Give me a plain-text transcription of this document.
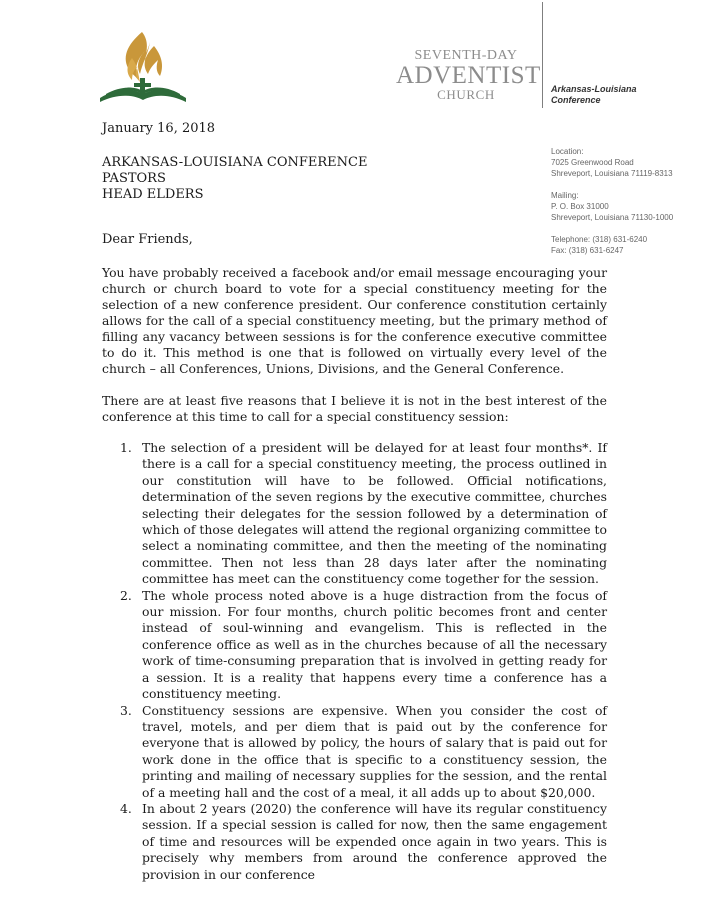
SEVENTH-DAY
ADVENTIST
CHURCH	Arkansas-Louisiana
Conference
Location:
7025 Greenwood Road
Shreveport, Louisiana 71119-8313
Mailing:
P. O. Box 31000
Shreveport, Louisiana 71130-1000
Telephone: (318) 631-6240
Fax: (318) 631-6247
January 16, 2018
ARKANSAS-LOUISIANA CONFERENCE
PASTORS
HEAD ELDERS
Dear Friends,
You have probably received a facebook and/or email message encouraging your church or church board to vote for a special constituency meeting for the selection of a new conference president. Our conference constitution certainly allows for the call of a special constituency meeting, but the primary method of filling any vacancy between sessions is for the conference executive committee to do it. This method is one that is followed on virtually every level of the church – all Conferences, Unions, Divisions, and the General Conference.
There are at least five reasons that I believe it is not in the best interest of the conference at this time to call for a special constituency session:
1. The selection of a president will be delayed for at least four months*. If there is a call for a special constituency meeting, the process outlined in our constitution will have to be followed. Official notifications, determination of the seven regions by the executive committee, churches selecting their delegates for the session followed by a determination of which of those delegates will attend the regional organizing committee to select a nominating committee, and then the meeting of the nominating committee. Then not less than 28 days later after the nominating committee has meet can the constituency come together for the session.
2. The whole process noted above is a huge distraction from the focus of our mission. For four months, church politic becomes front and center instead of soul-winning and evangelism. This is reflected in the conference office as well as in the churches because of all the necessary work of time-consuming preparation that is involved in getting ready for a session. It is a reality that happens every time a conference has a constituency meeting.
3. Constituency sessions are expensive. When you consider the cost of travel, motels, and per diem that is paid out by the conference for everyone that is allowed by policy, the hours of salary that is paid out for work done in the office that is specific to a constituency session, the printing and mailing of necessary supplies for the session, and the rental of a meeting hall and the cost of a meal, it all adds up to about $20,000.
4. In about 2 years (2020) the conference will have its regular constituency session. If a special session is called for now, then the same engagement of time and resources will be expended once again in two years. This is precisely why members from around the conference approved the provision in our conference
